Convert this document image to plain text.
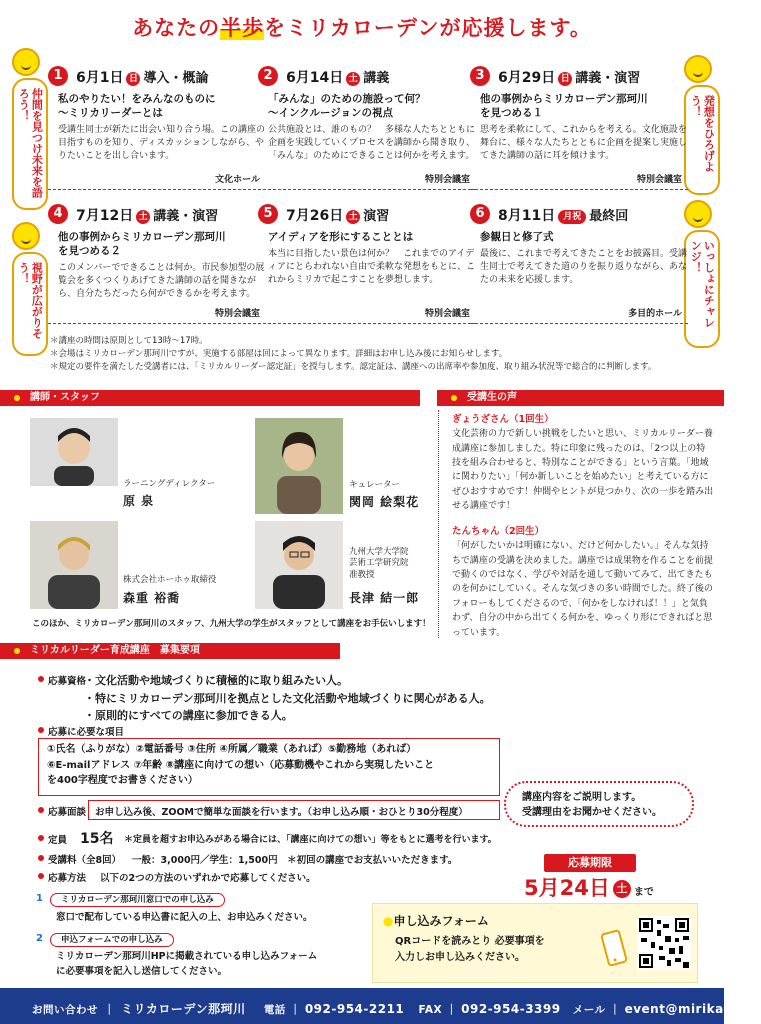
あなたの半歩をミリカローデンが応援します。
仲間を見つけ未来を語ろう！
視野が広がりそう！
発想をひろげよう！
いっしょにチャレンジ！
1 6月1日 日 導入・概論
私のやりたい！をみんなのものに
〜ミリカリーダーとは
受講生同士が新たに出会い知り合う場。この講座の目指すものを知り、ディスカッションしながら、やりたいことを出し合います。
文化ホール
2 6月14日 土 講義
「みんな」のための施設って何？
〜インクルージョンの視点
公共施設とは、誰のもの？　多様な人たちとともに企画を実践していくプロセスを講師から聞き取り、「みんな」のためにできることは何かを考えます。
特別会議室
3 6月29日 日 講義・演習
他の事例からミリカローデン那珂川
を見つめる１
思考を柔軟にして、これからを考える。文化施設を舞台に、様々な人たちとともに企画を提案し実施してきた講師の話に耳を傾けます。
特別会議室
4 7月12日 土 講義・演習
他の事例からミリカローデン那珂川
を見つめる２
このメンバーでできることは何か。市民参加型の展覧会を多くつくりあげてきた講師の話を聞きながら、自分たちだったら何ができるかを考えます。
特別会議室
5 7月26日 土 演習
アイディアを形にすることとは
本当に目指したい景色は何か？　これまでのアイディアにとらわれない自由で柔軟な発想をもとに、これからミリカで起こすことを夢想します。
特別会議室
6 8月11日 月祝 最終回
参観日と修了式
最後に、これまで考えてきたことをお披露目。受講生同士で考えてきた道のりを振り返りながら、あなたの未来を応援します。
多目的ホール
＊講座の時間は原則として13時〜17時。
＊会場はミリカローデン那珂川ですが、実施する部屋は回によって異なります。詳細はお申し込み後にお知らせします。
＊規定の要件を満たした受講者には、「ミリカルリーダー認定証」を授与します。認定証は、講座への出席率や参加度、取り組み状況等で総合的に判断します。
講師・スタッフ
ラーニングディレクター
原 泉
キュレーター
関岡 絵梨花
株式会社ホーホゥ取締役
森重 裕喬
九州大学大学院
芸術工学研究院
准教授
長津 結一郎
このほか、ミリカローデン那珂川のスタッフ、九州大学の学生がスタッフとして講座をお手伝いします！
受講生の声
ぎょうざさん（1回生）
文化芸術の力で新しい挑戦をしたいと思い、ミリカルリーダー養成講座に参加しました。特に印象に残ったのは、「2つ以上の特技を組み合わせると、特別なことができる」という言葉。「地域に関わりたい」「何か新しいことを始めたい」と考えている方にぜひおすすめです！仲間やヒントが見つかり、次の一歩を踏み出せる講座です！
たんちゃん（2回生）
「何がしたいかは明確にない、だけど何かしたい。」そんな気持ちで講座の受講を決めました。講座では成果物を作ることを前提で動くのではなく、学びや対話を通して動いてみて、出てきたものを何かにしていく。そんな気づきの多い時間でした。終了後のフォローもしてくださるので、「何かをしなければ！！」と気負わず、自分の中から出てくる何かを、ゆっくり形にできればと思っています。
ミリカルリーダー育成講座　募集要項
応募資格
・文化活動や地域づくりに積極的に取り組みたい人。
・特にミリカローデン那珂川を拠点とした文化活動や地域づくりに関心がある人。
・原則的にすべての講座に参加できる人。
応募に必要な項目
①氏名（ふりがな）②電話番号 ③住所 ④所属／職業（あれば）⑤勤務地（あれば）
⑥E-mailアドレス ⑦年齢 ⑧講座に向けての想い（応募動機やこれから実現したいこと
を400字程度でお書きください）
応募面談 お申し込み後、ZOOMで簡単な面談を行います。（お申し込み順・おひとり30分程度）
講座内容をご説明します。
受講理由をお聞かせください。
定員 15名 ＊定員を超すお申込みがある場合には、「講座に向けての想い」等をもとに選考を行います。
受講料（全8回） 一般：3,000円／学生：1,500円　＊初回の講座でお支払いいただきます。
応募方法 以下の2つの方法のいずれかで応募してください。
1	ミリカローデン那珂川窓口での申し込み
窓口で配布している申込書に記入の上、お申込みください。
2	申込フォームでの申し込み
ミリカローデン那珂川HPに掲載されている申し込みフォーム
に必要事項を記入し送信してください。
応募期限
5月24日 土 まで
●申し込みフォーム
QRコードを読みとり 必要事項を
入力しお申し込みください。
お問い合わせ ｜ ミリカローデン那珂川 電話 ｜ 092-954-2211 FAX ｜ 092-954-3399 メール ｜ event@mirika.or.jp
